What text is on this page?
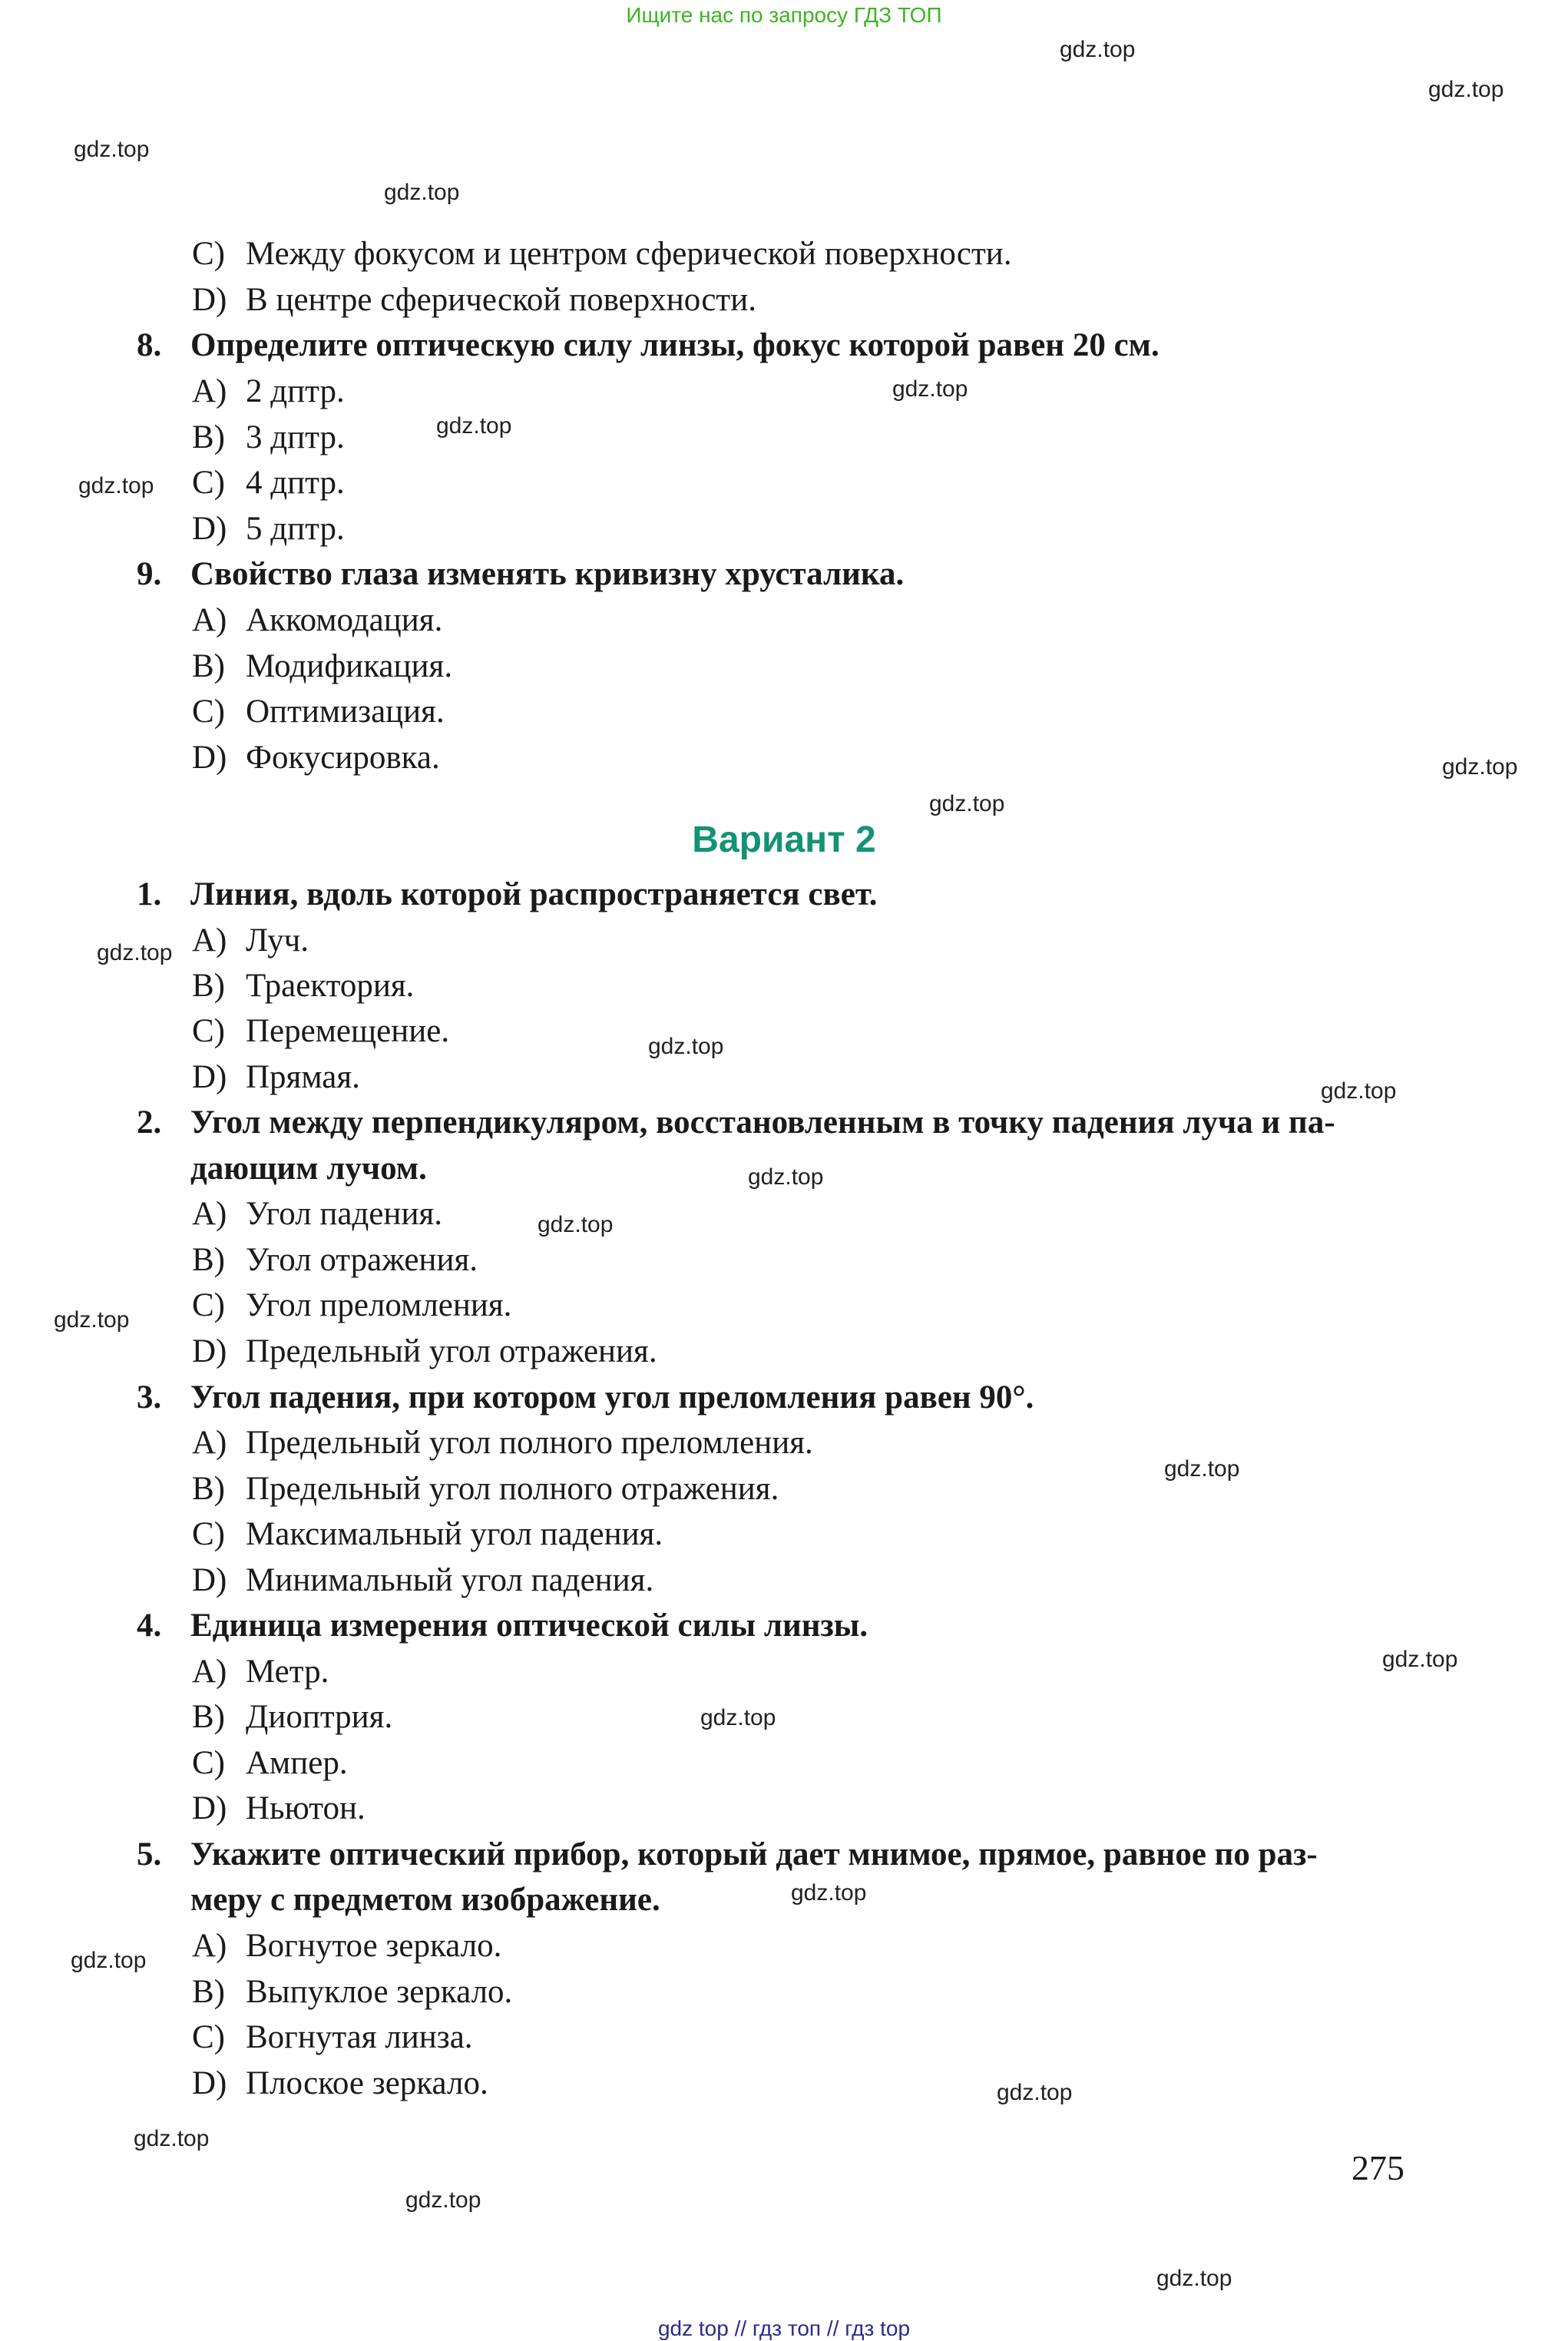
Ищите нас по запросу ГДЗ ТОП
gdz.top
gdz.top
gdz.top
gdz.top
gdz.top
gdz.top
gdz.top
gdz.top
gdz.top
gdz.top
gdz.top
gdz.top
gdz.top
gdz.top
gdz.top
gdz.top
gdz.top
gdz.top
gdz.top
gdz.top
gdz.top
gdz.top
gdz.top
gdz.top
C) Между фокусом и центром сферической поверхности.
D) В центре сферической поверхности.
8. Определите оптическую силу линзы, фокус которой равен 20 см.
A) 2 дптр.
B) 3 дптр.
C) 4 дптр.
D) 5 дптр.
9. Свойство глаза изменять кривизну хрусталика.
A) Аккомодация.
B) Модификация.
C) Оптимизация.
D) Фокусировка.
Вариант 2
1. Линия, вдоль которой распространяется свет.
A) Луч.
B) Траектория.
C) Перемещение.
D) Прямая.
2. Угол между перпендикуляром, восстановленным в точку падения луча и па-
дающим лучом.
A) Угол падения.
B) Угол отражения.
C) Угол преломления.
D) Предельный угол отражения.
3. Угол падения, при котором угол преломления равен 90°.
A) Предельный угол полного преломления.
B) Предельный угол полного отражения.
C) Максимальный угол падения.
D) Минимальный угол падения.
4. Единица измерения оптической силы линзы.
A) Метр.
B) Диоптрия.
C) Ампер.
D) Ньютон.
5. Укажите оптический прибор, который дает мнимое, прямое, равное по раз-
меру с предметом изображение.
A) Вогнутое зеркало.
B) Выпуклое зеркало.
C) Вогнутая линза.
D) Плоское зеркало.
275
gdz top // гдз топ // гдз top
